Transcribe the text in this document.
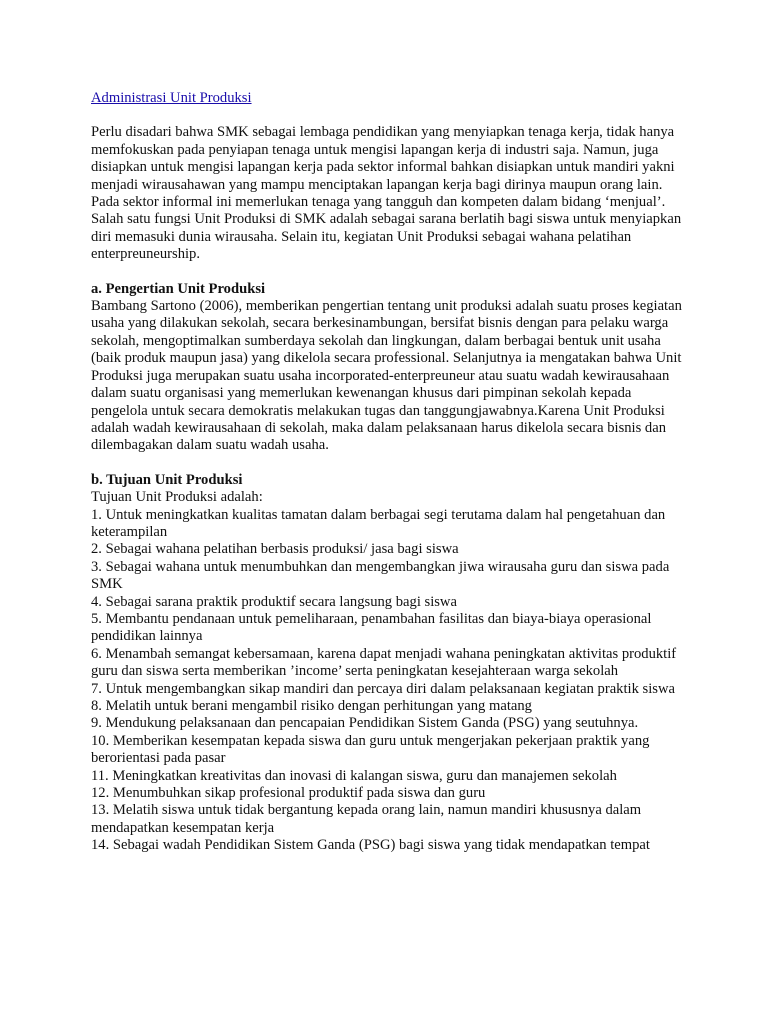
Administrasi Unit Produksi

Perlu disadari bahwa SMK sebagai lembaga pendidikan yang menyiapkan tenaga kerja, tidak hanya memfokuskan pada penyiapan tenaga untuk mengisi lapangan kerja di industri saja. Namun, juga disiapkan untuk mengisi lapangan kerja pada sektor informal bahkan disiapkan untuk mandiri yakni menjadi wirausahawan yang mampu menciptakan lapangan kerja bagi dirinya maupun orang lain. Pada sektor informal ini memerlukan tenaga yang tangguh dan kompeten dalam bidang ‘menjual’. Salah satu fungsi Unit Produksi di SMK adalah sebagai sarana berlatih bagi siswa untuk menyiapkan diri memasuki dunia wirausaha. Selain itu, kegiatan Unit Produksi sebagai wahana pelatihan enterpreuneurship.

a. Pengertian Unit Produksi

Bambang Sartono (2006), memberikan pengertian tentang unit produksi adalah suatu proses kegiatan usaha yang dilakukan sekolah, secara berkesinambungan, bersifat bisnis dengan para pelaku warga sekolah, mengoptimalkan sumberdaya sekolah dan lingkungan, dalam berbagai bentuk unit usaha (baik produk maupun jasa) yang dikelola secara professional. Selanjutnya ia mengatakan bahwa Unit Produksi juga merupakan suatu usaha incorporated-enterpreuneur atau suatu wadah kewirausahaan dalam suatu organisasi yang memerlukan kewenangan khusus dari pimpinan sekolah kepada pengelola untuk secara demokratis melakukan tugas dan tanggungjawabnya.Karena Unit Produksi adalah wadah kewirausahaan di sekolah, maka dalam pelaksanaan harus dikelola secara bisnis dan dilembagakan dalam suatu wadah usaha.

b. Tujuan Unit Produksi

Tujuan Unit Produksi adalah:

1. Untuk meningkatkan kualitas tamatan dalam berbagai segi terutama dalam hal pengetahuan dan keterampilan

2. Sebagai wahana pelatihan berbasis produksi/ jasa bagi siswa

3. Sebagai wahana untuk menumbuhkan dan mengembangkan jiwa wirausaha guru dan siswa pada SMK

4. Sebagai sarana praktik produktif secara langsung bagi siswa

5. Membantu pendanaan untuk pemeliharaan, penambahan fasilitas dan biaya-biaya operasional pendidikan lainnya

6. Menambah semangat kebersamaan, karena dapat menjadi wahana peningkatan aktivitas produktif guru dan siswa serta memberikan ’income’ serta peningkatan kesejahteraan warga sekolah

7. Untuk mengembangkan sikap mandiri dan percaya diri dalam pelaksanaan kegiatan praktik siswa

8. Melatih untuk berani mengambil risiko dengan perhitungan yang matang

9. Mendukung pelaksanaan dan pencapaian Pendidikan Sistem Ganda (PSG) yang seutuhnya.

10. Memberikan kesempatan kepada siswa dan guru untuk mengerjakan pekerjaan praktik yang berorientasi pada pasar

11. Meningkatkan kreativitas dan inovasi di kalangan siswa, guru dan manajemen sekolah

12. Menumbuhkan sikap profesional produktif pada siswa dan guru

13. Melatih siswa untuk tidak bergantung kepada orang lain, namun mandiri khususnya dalam mendapatkan kesempatan kerja

14. Sebagai wadah Pendidikan Sistem Ganda (PSG) bagi siswa yang tidak mendapatkan tempat
